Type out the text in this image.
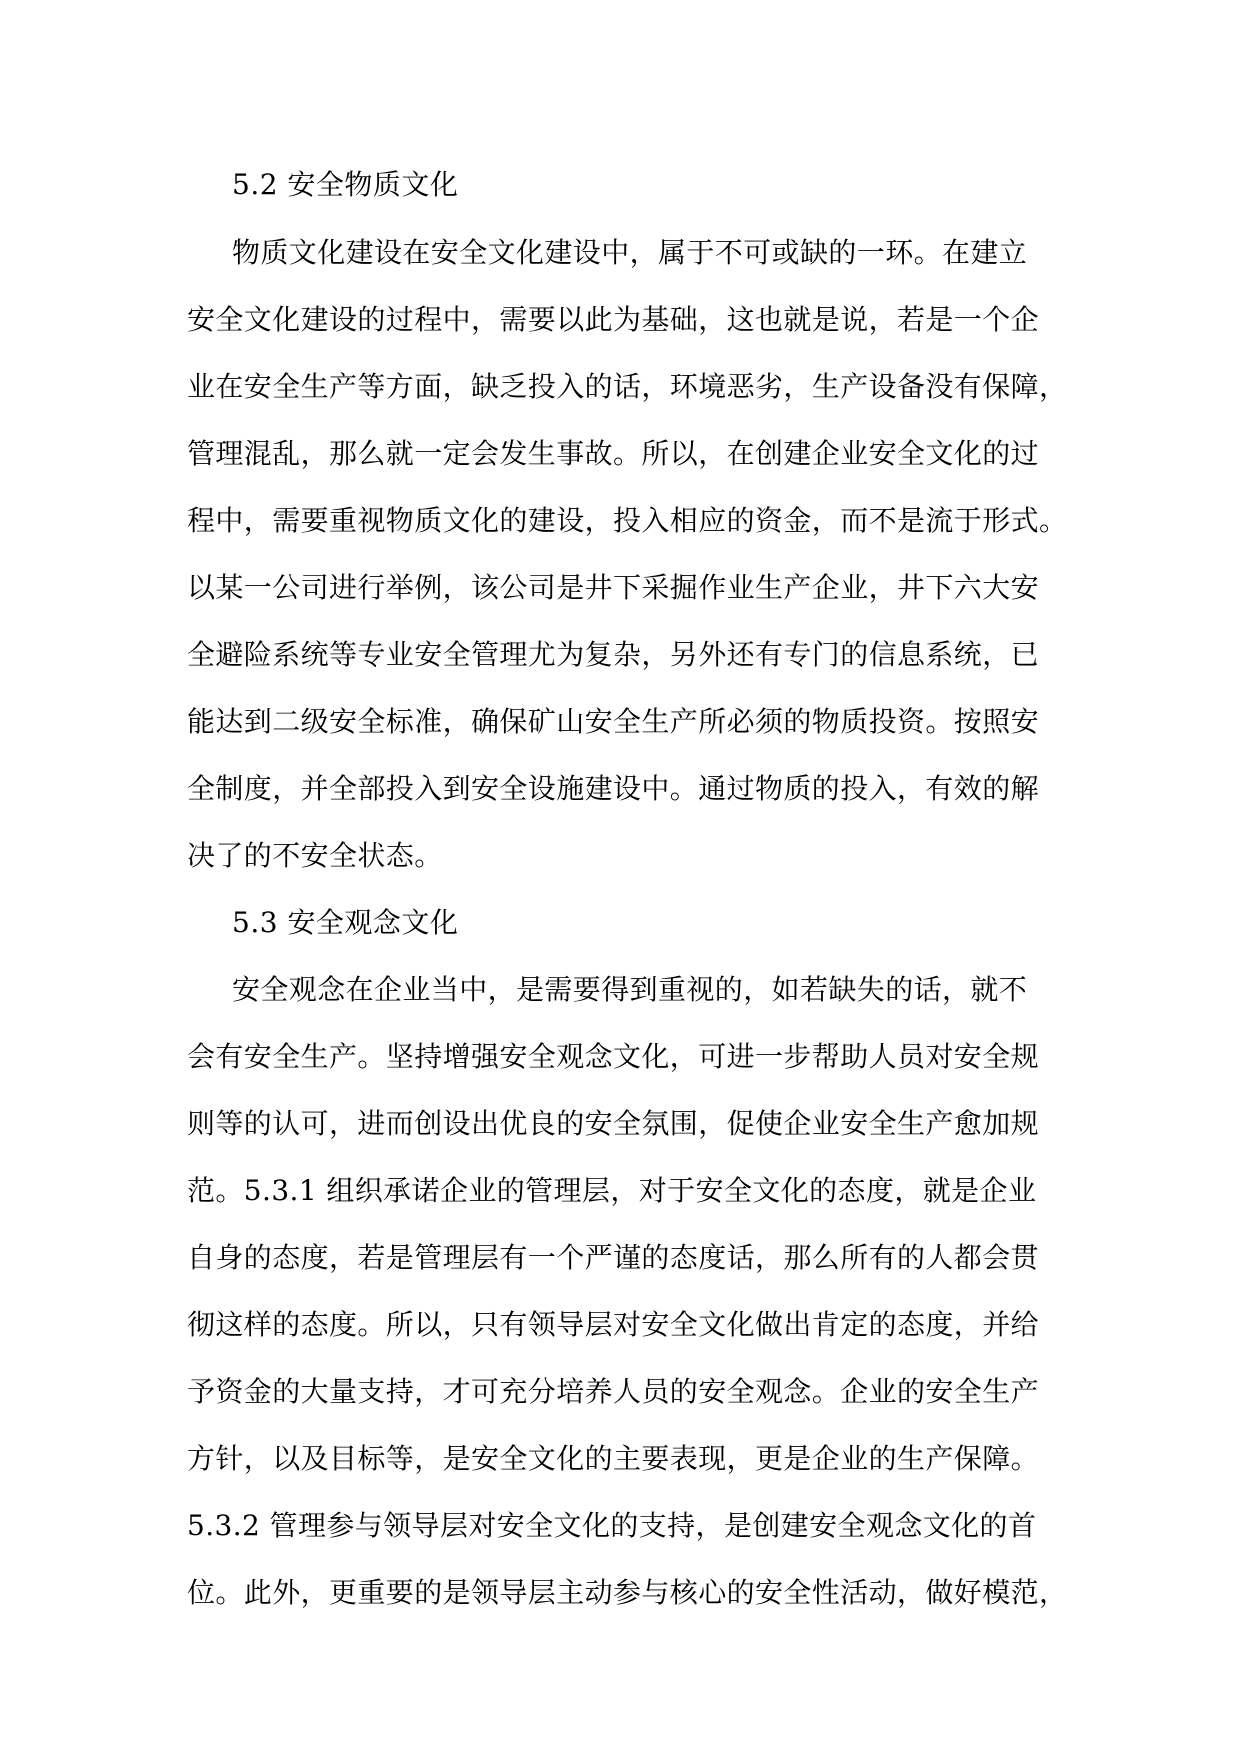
5.2 安全物质文化
物质文化建设在安全文化建设中，属于不可或缺的一环。在建立
安全文化建设的过程中，需要以此为基础，这也就是说，若是一个企
业在安全生产等方面，缺乏投入的话，环境恶劣，生产设备没有保障，
管理混乱，那么就一定会发生事故。所以，在创建企业安全文化的过
程中，需要重视物质文化的建设，投入相应的资金，而不是流于形式。
以某一公司进行举例，该公司是井下采掘作业生产企业，井下六大安
全避险系统等专业安全管理尤为复杂，另外还有专门的信息系统，已
能达到二级安全标准，确保矿山安全生产所必须的物质投资。按照安
全制度，并全部投入到安全设施建设中。通过物质的投入，有效的解
决了的不安全状态。
5.3 安全观念文化
安全观念在企业当中，是需要得到重视的，如若缺失的话，就不
会有安全生产。坚持增强安全观念文化，可进一步帮助人员对安全规
则等的认可，进而创设出优良的安全氛围，促使企业安全生产愈加规
范。5.3.1 组织承诺企业的管理层，对于安全文化的态度，就是企业
自身的态度，若是管理层有一个严谨的态度话，那么所有的人都会贯
彻这样的态度。所以，只有领导层对安全文化做出肯定的态度，并给
予资金的大量支持，才可充分培养人员的安全观念。企业的安全生产
方针，以及目标等，是安全文化的主要表现，更是企业的生产保障。
5.3.2 管理参与领导层对安全文化的支持，是创建安全观念文化的首
位。此外，更重要的是领导层主动参与核心的安全性活动，做好模范，
